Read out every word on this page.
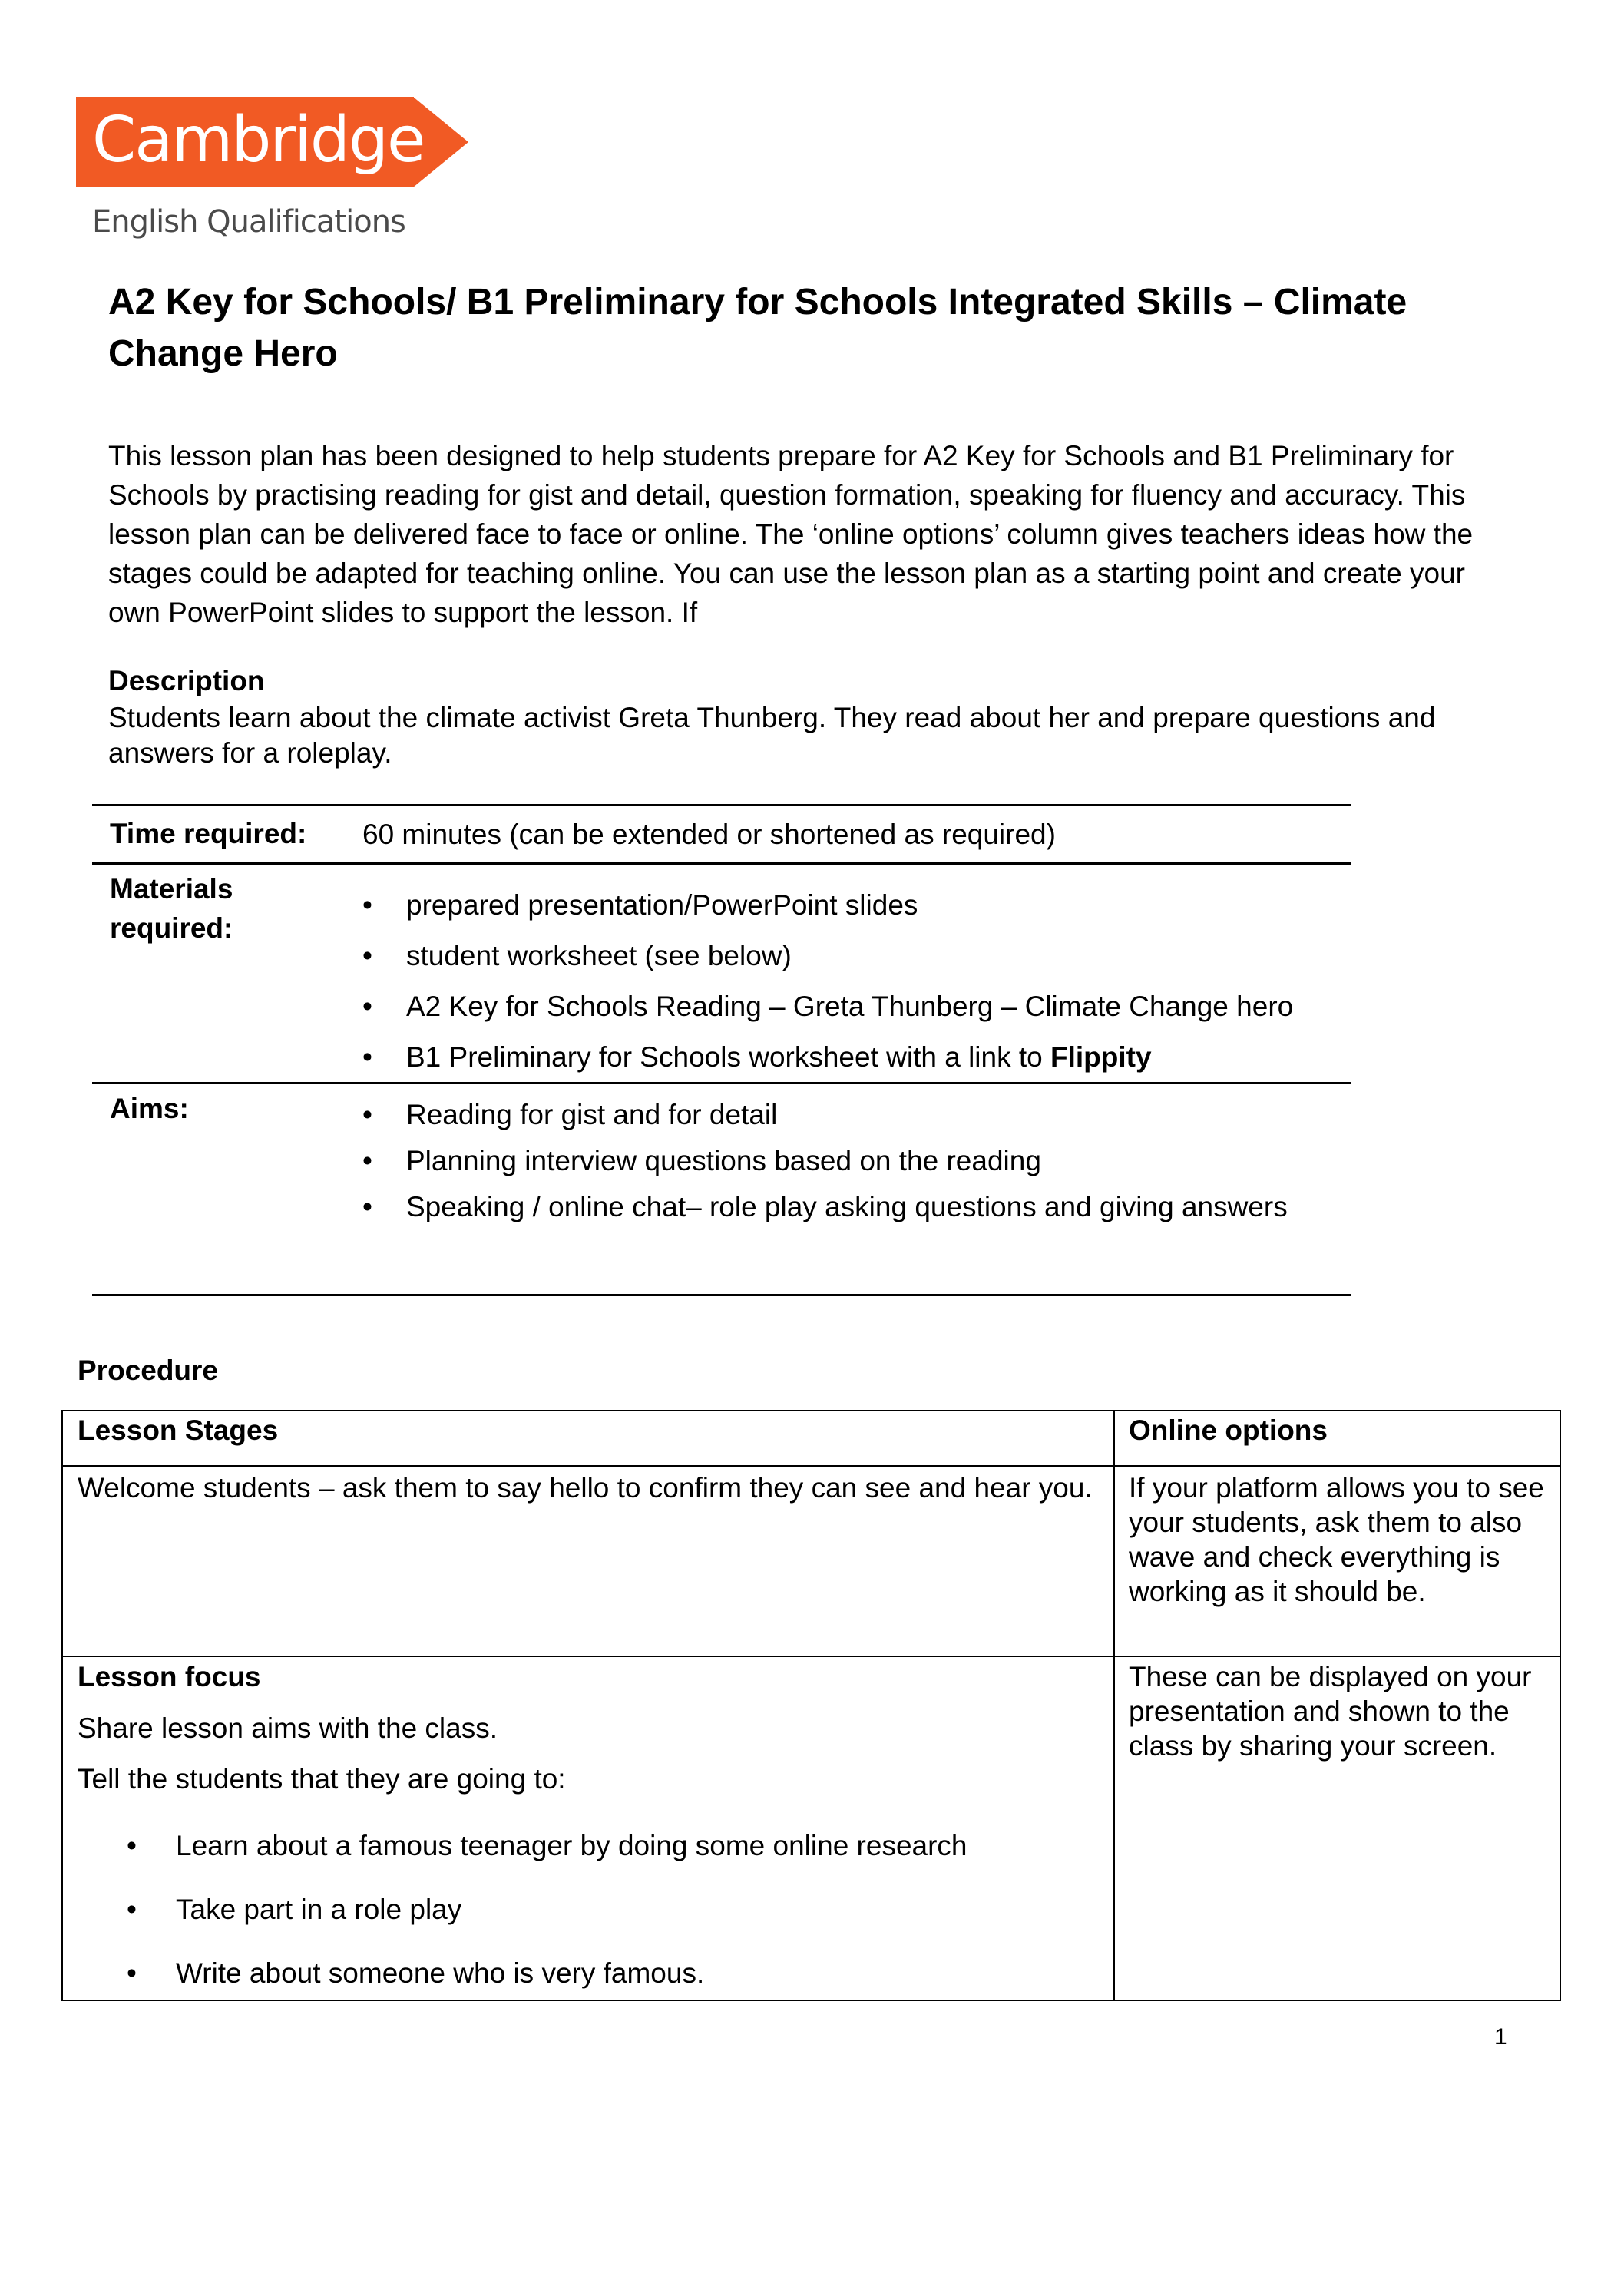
Cambridge
English Qualifications
A2 Key for Schools/ B1 Preliminary for Schools Integrated Skills – Climate Change Hero
This lesson plan has been designed to help students prepare for A2 Key for Schools and B1 Preliminary for Schools by practising reading for gist and detail, question formation, speaking for fluency and accuracy. This lesson plan can be delivered face to face or online. The ‘online options’ column gives teachers ideas how the stages could be adapted for teaching online. You can use the lesson plan as a starting point and create your own PowerPoint slides to support the lesson. If
Description
Students learn about the climate activist Greta Thunberg. They read about her and prepare questions and answers for a roleplay.
Time required: 60 minutes (can be extended or shortened as required)
Materials required:
• prepared presentation/PowerPoint slides
• student worksheet (see below)
• A2 Key for Schools Reading – Greta Thunberg – Climate Change hero
• B1 Preliminary for Schools worksheet with a link to Flippity
Aims:	• Reading for gist and for detail
• Planning interview questions based on the reading
• Speaking / online chat– role play asking questions and giving answers
Procedure
Lesson Stages	Online options
Welcome students – ask them to say hello to confirm they can see and hear you. If your platform allows you to see your students, ask them to also wave and check everything is working as it should be.
Lesson focus
Share lesson aims with the class.
Tell the students that they are going to:
• Learn about a famous teenager by doing some online research
• Take part in a role play
• Write about someone who is very famous.
These can be displayed on your presentation and shown to the class by sharing your screen.
1
